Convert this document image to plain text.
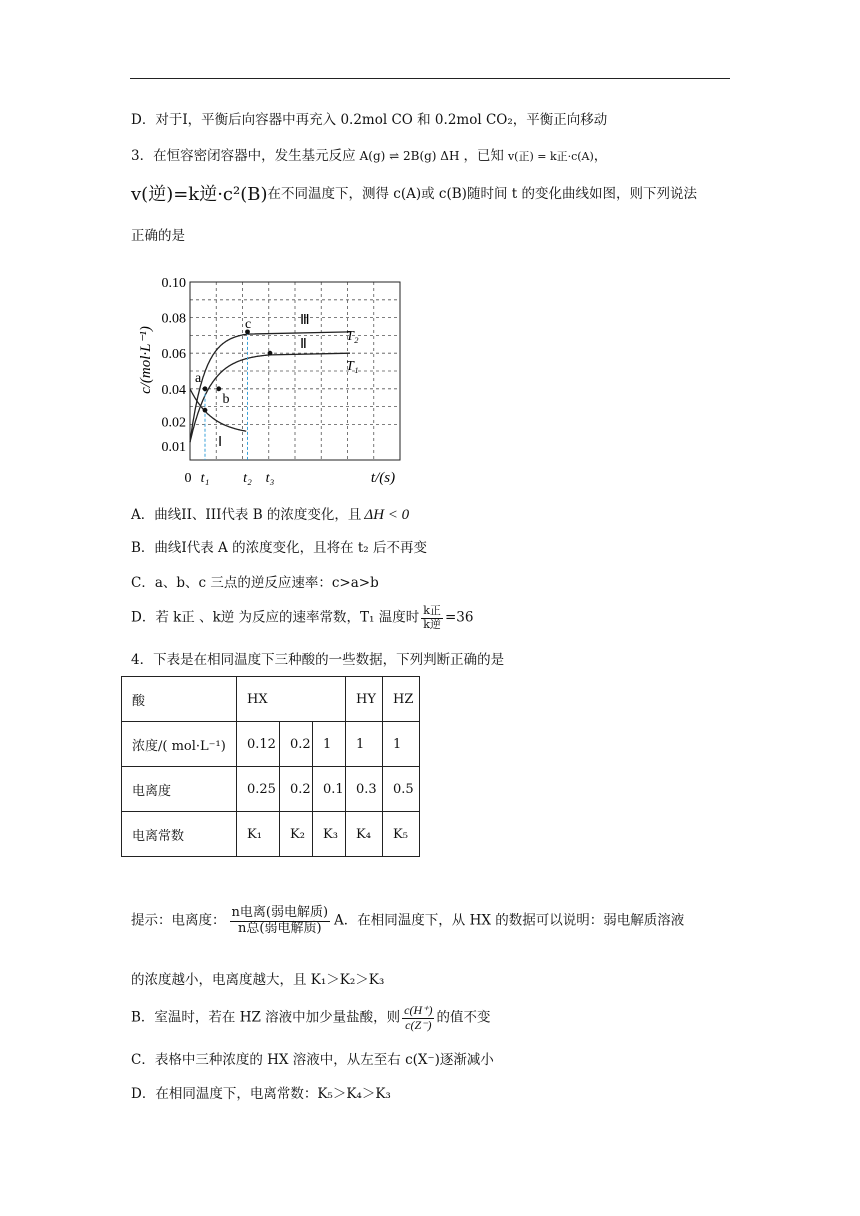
D．对于I，平衡后向容器中再充入 0.2mol CO 和 0.2mol CO₂，平衡正向移动
3．在恒容密闭容器中，发生基元反应 A(g) ⇌ 2B(g) ΔH ，已知 v(正) = k正·c(A)，
v(逆)=k逆·c²(B)在不同温度下，测得 c(A)或 c(B)随时间 t 的变化曲线如图，则下列说法
正确的是
c/(mol·L⁻¹)
0.10
0.08
0.06
0.04
0.02
0.01
0 t₁ t₂ t₃	t/(s)
a
b
c	Ⅲ
Ⅱ
Ⅰ
T₂
T₁
A．曲线II、III代表 B 的浓度变化，且 ΔH < 0
B．曲线I代表 A 的浓度变化，且将在 t₂ 后不再变
C．a、b、c 三点的逆反应速率：c>a>b
D．若 k正 、k逆 为反应的速率常数，T₁ 温度时 $\frac{\text{k正}}{\text{k逆}} =36$
4．下表是在相同温度下三种酸的一些数据，下列判断正确的是
酸	HX			HY	HZ
浓度/( mol·L⁻¹)	0.12	0.2	1	1	1
电离度	0.25	0.2	0.1	0.3	0.5
电离常数	K₁	K₂	K₃	K₄	K₅
提示：电离度： $\frac{\text{n电离(弱电解质)}}{\text{n总(弱电解质)}}$ A．在相同温度下，从 HX 的数据可以说明：弱电解质溶液
的浓度越小，电离度越大，且 K₁＞K₂＞K₃
B．室温时，若在 HZ 溶液中加少量盐酸，则 $\frac{c(H^+)}{c(Z^-)}$ 的值不变
C．表格中三种浓度的 HX 溶液中，从左至右 c(X⁻)逐渐减小
D．在相同温度下，电离常数：K₅＞K₄＞K₃
